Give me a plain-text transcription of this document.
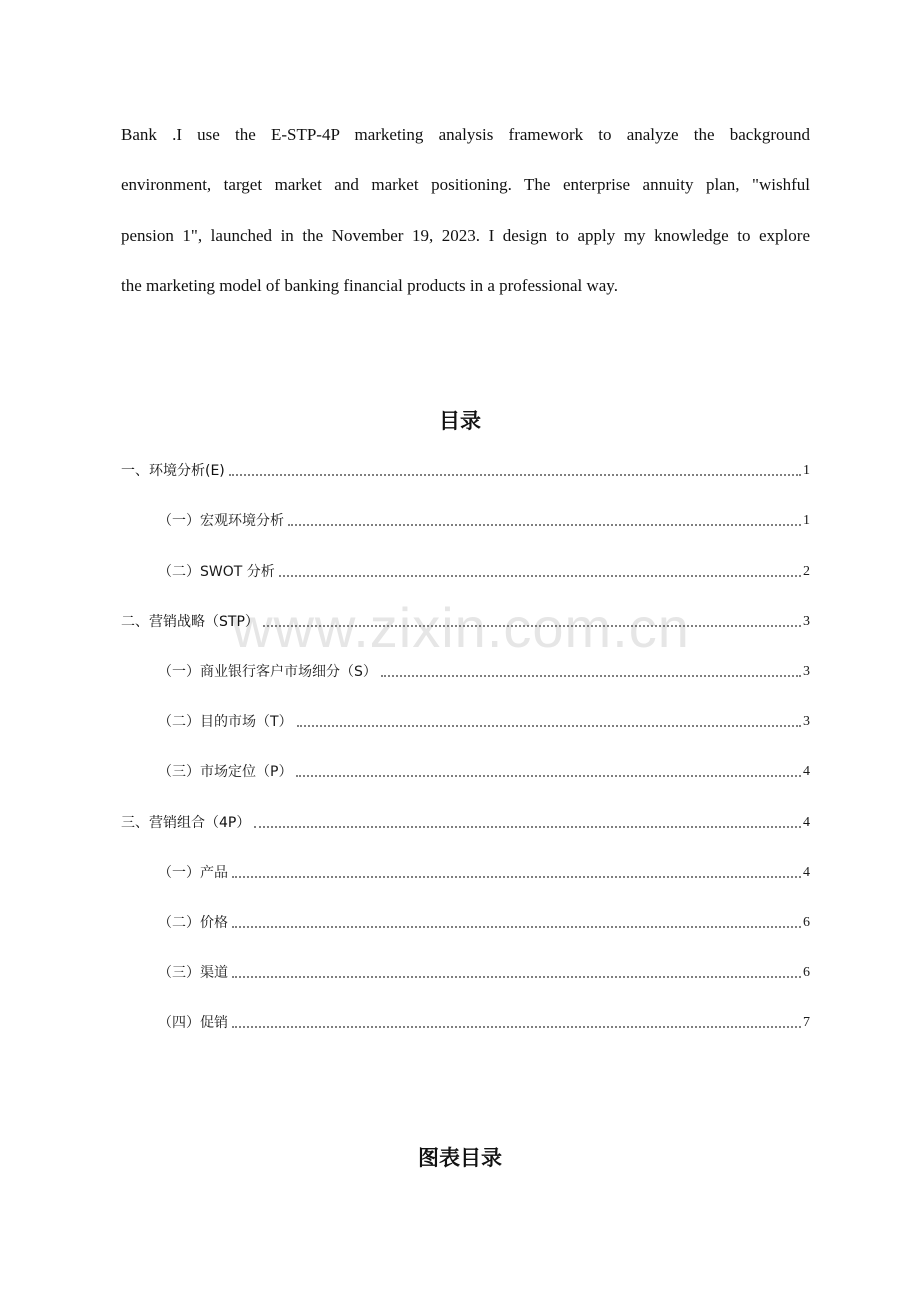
www.zixin.com.cn
Bank .I use the E-STP-4P marketing analysis framework to analyze the background
environment, target market and market positioning. The enterprise annuity plan, "wishful
pension 1", launched in the November 19, 2023. I design to apply my knowledge to explore
the marketing model of banking financial products in a professional way.
目录
一、环境分析(E)	1
（一）宏观环境分析	1
（二）SWOT 分析	2
二、营销战略（STP）	3
（一）商业银行客户市场细分（S）	3
（二）目的市场（T）	3
（三）市场定位（P）	4
三、营销组合（4P）	4
（一）产品	4
（二）价格	6
（三）渠道	6
（四）促销	7
图表目录
